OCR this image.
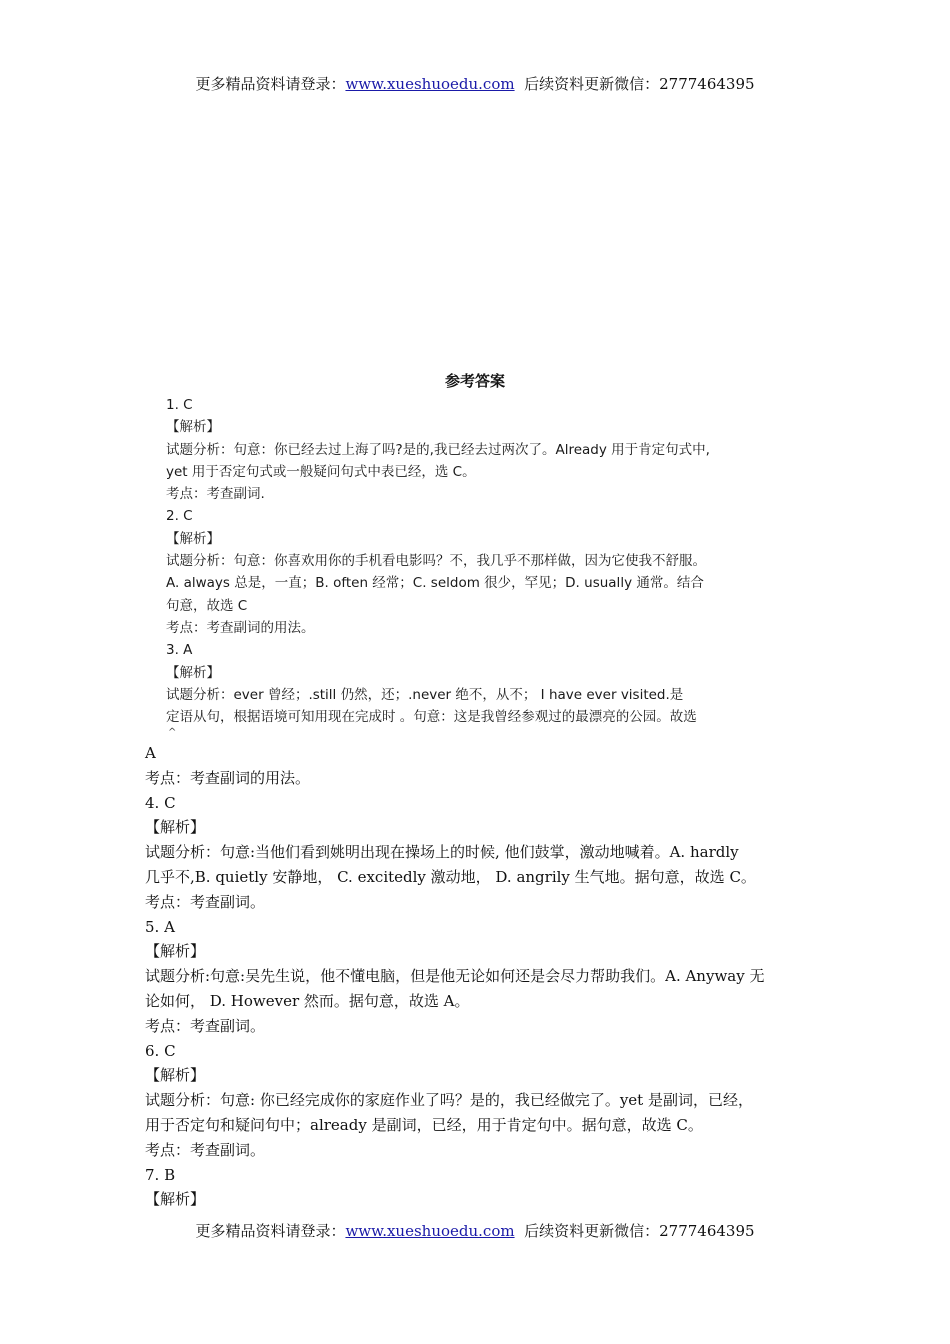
更多精品资料请登录：www.xueshuoedu.com 后续资料更新微信：2777464395
参考答案
1. C
【解析】
试题分析：句意：你已经去过上海了吗?是的,我已经去过两次了。Already 用于肯定句式中,
yet 用于否定句式或一般疑问句式中表已经，选 C。
考点：考查副词.
2. C
【解析】
试题分析：句意：你喜欢用你的手机看电影吗？不，我几乎不那样做，因为它使我不舒服。
A. always 总是，一直；B. often 经常；C. seldom 很少，罕见；D. usually 通常。结合
句意，故选 C
考点：考查副词的用法。
3. A
【解析】
试题分析：ever 曾经；.still 仍然，还；.never 绝不，从不； I have ever visited.是
定语从句，根据语境可知用现在完成时 。句意：这是我曾经参观过的最漂亮的公园。故选
^
A
考点：考查副词的用法。
4. C
【解析】
试题分析：句意:当他们看到姚明出现在操场上的时候, 他们鼓掌，激动地喊着。A. hardly
几乎不,B. quietly 安静地， C. excitedly 激动地， D. angrily 生气地。据句意，故选 C。
考点：考查副词。
5. A
【解析】
试题分析:句意:吴先生说，他不懂电脑，但是他无论如何还是会尽力帮助我们。A. Anyway 无
论如何， D. However 然而。据句意，故选 A。
考点：考查副词。
6. C
【解析】
试题分析：句意: 你已经完成你的家庭作业了吗？是的，我已经做完了。yet 是副词，已经，
用于否定句和疑问句中；already 是副词，已经，用于肯定句中。据句意，故选 C。
考点：考查副词。
7. B
【解析】
更多精品资料请登录：www.xueshuoedu.com 后续资料更新微信：2777464395
